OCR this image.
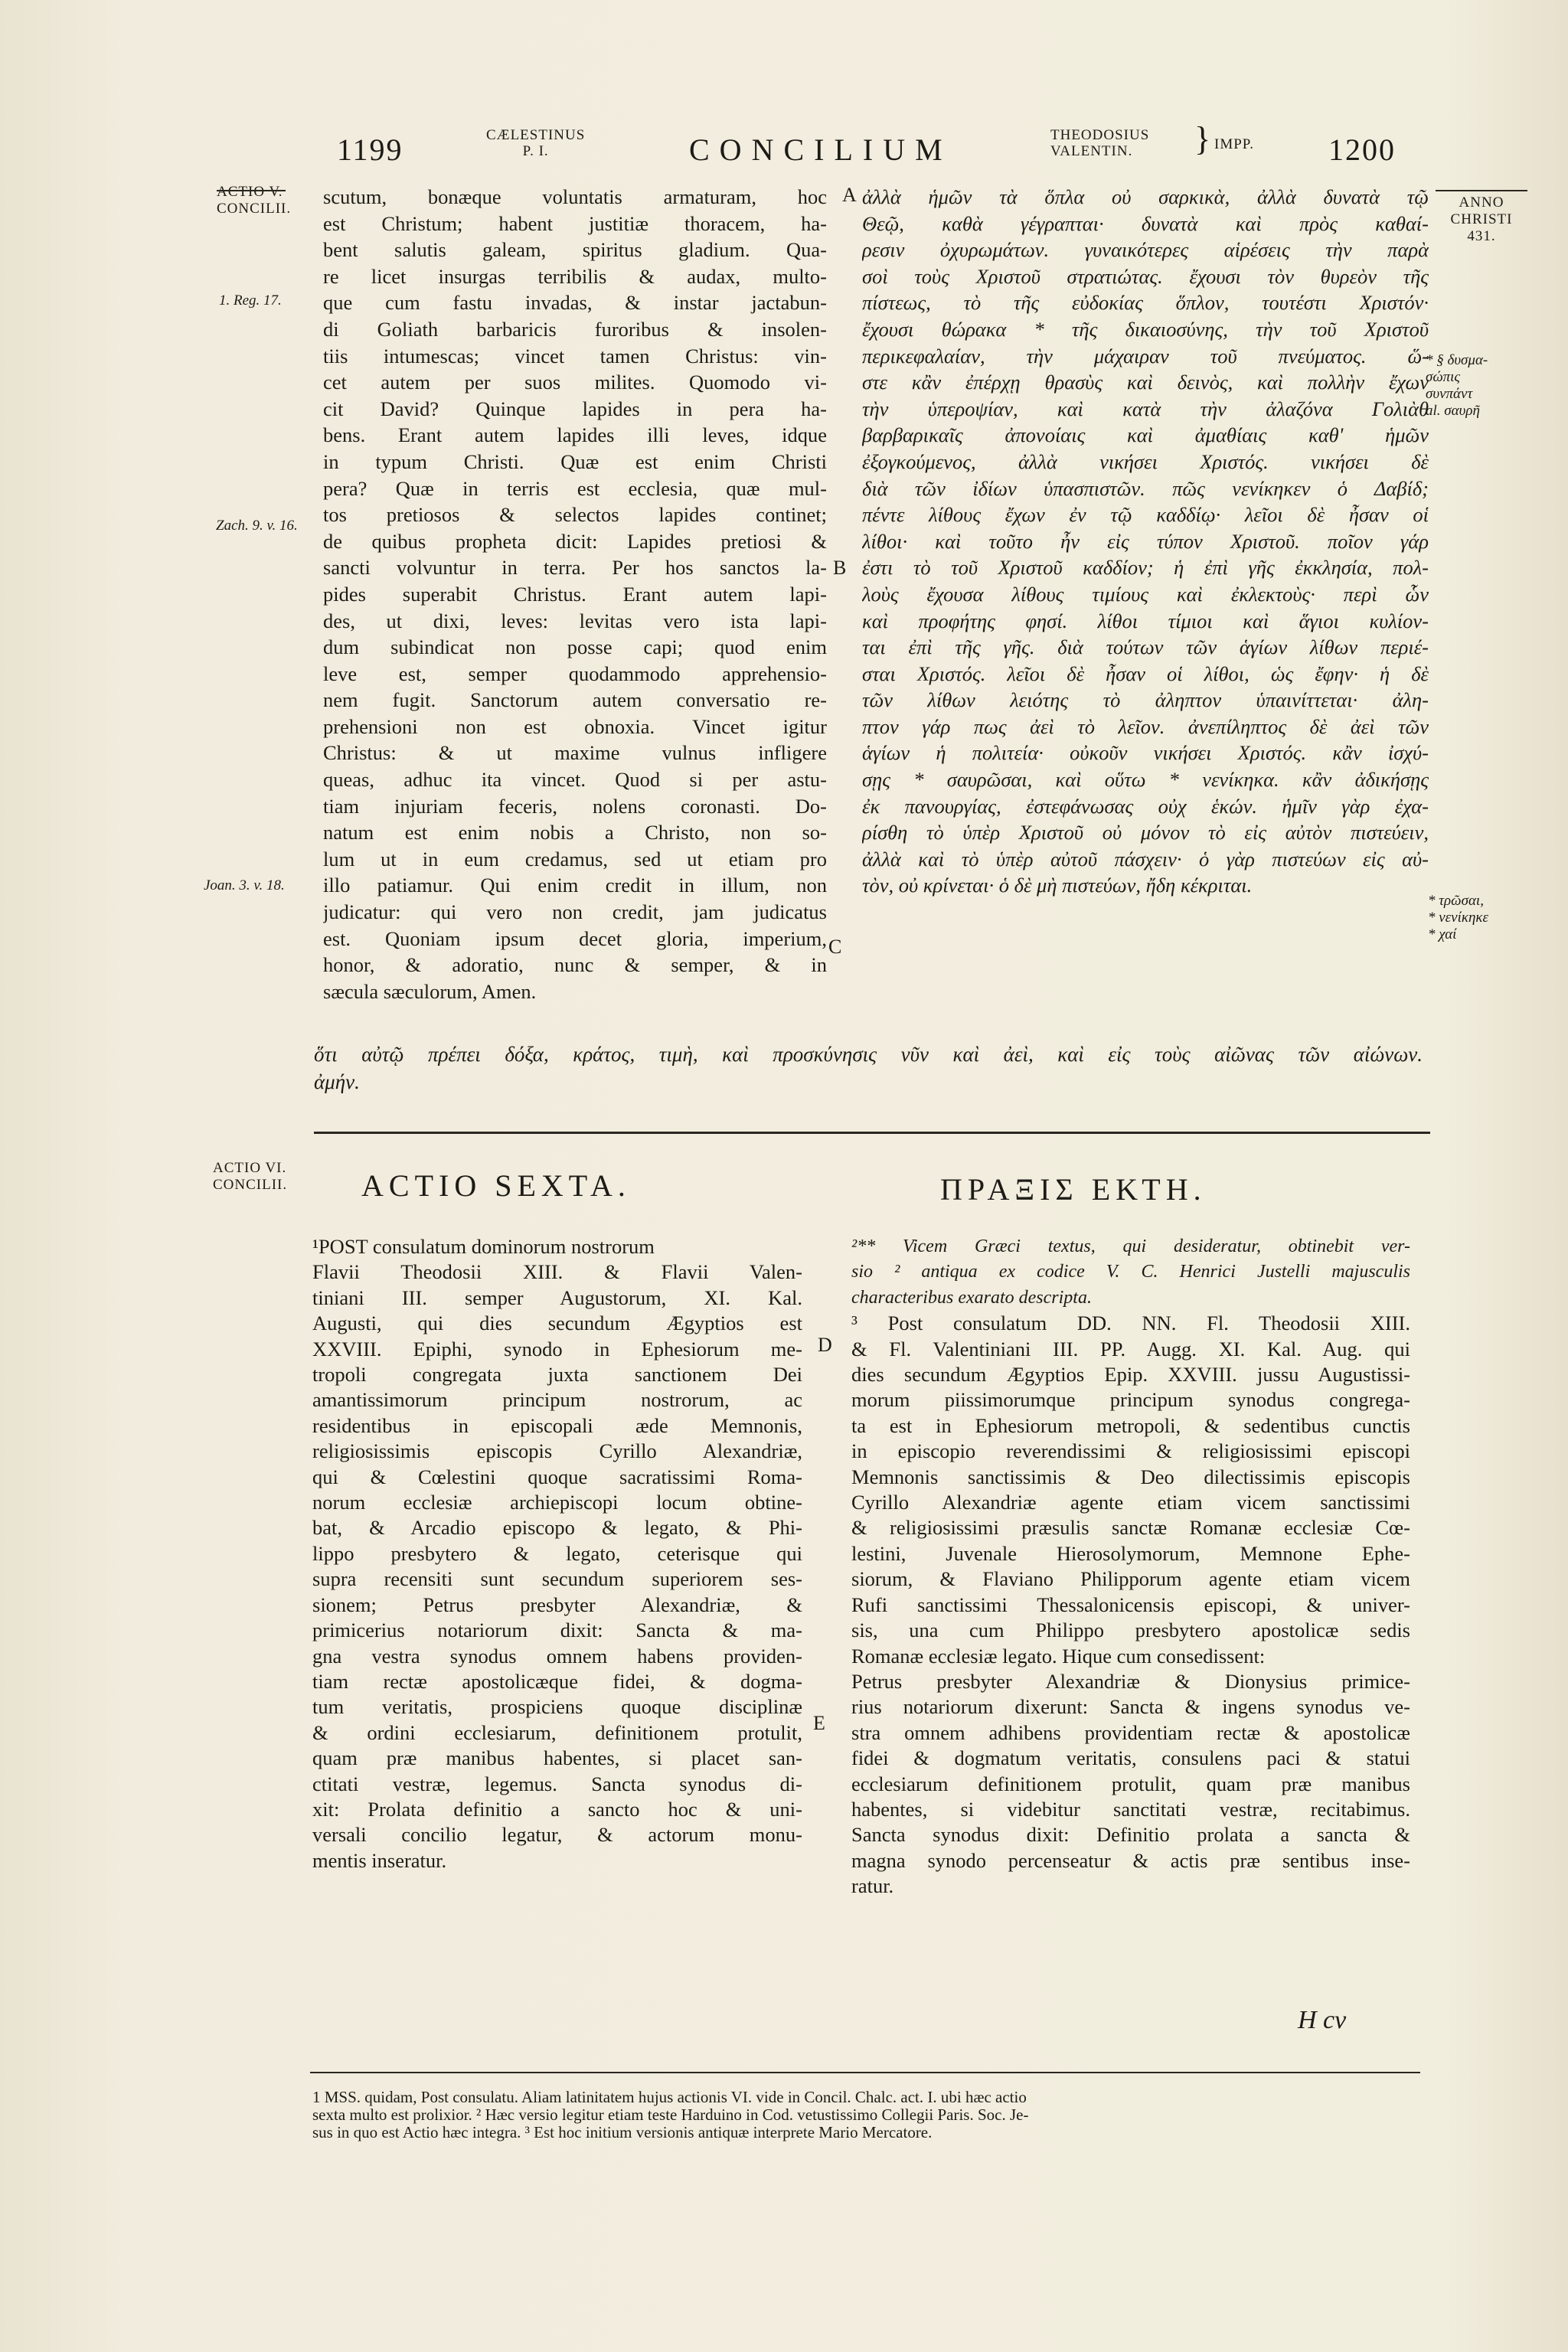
1199	CÆLESTINUS
P. I.	CONCILIUM	THEODOSIUS
VALENTIN.	} IMPP. 1200
ACTIO V.
CONCILII.
1. Reg. 17.
Zach. 9. v. 16.
Joan. 3. v. 18.
ANNO
CHRISTI
431.
* § δυσμα-
σώπις
συνπάντ
al. σαυρῆ
* τρῶσαι,
* νενίκηκε
* χαί
scutum, bonæque voluntatis armaturam, hoc
est Christum; habent justitiæ thoracem, ha-
bent salutis galeam, spiritus gladium. Qua-
re licet insurgas terribilis & audax, multo-
que cum fastu invadas, & instar jactabun-
di Goliath barbaricis furoribus & insolen-
tiis intumescas; vincet tamen Christus: vin-
cet autem per suos milites. Quomodo vi-
cit David? Quinque lapides in pera ha-
bens. Erant autem lapides illi leves, idque
in typum Christi. Quæ est enim Christi
pera? Quæ in terris est ecclesia, quæ mul-
tos pretiosos & selectos lapides continet;
de quibus propheta dicit: Lapides pretiosi &
sancti volvuntur in terra. Per hos sanctos la-
pides superabit Christus. Erant autem lapi-
des, ut dixi, leves: levitas vero ista lapi-
dum subindicat non posse capi; quod enim
leve est, semper quodammodo apprehensio-
nem fugit. Sanctorum autem conversatio re-
prehensioni non est obnoxia. Vincet igitur
Christus: & ut maxime vulnus infligere
queas, adhuc ita vincet. Quod si per astu-
tiam injuriam feceris, nolens coronasti. Do-
natum est enim nobis a Christo, non so-
lum ut in eum credamus, sed ut etiam pro
illo patiamur. Qui enim credit in illum, non
judicatur: qui vero non credit, jam judicatus
est. Quoniam ipsum decet gloria, imperium,
honor, & adoratio, nunc & semper, & in
sæcula sæculorum, Amen.
A
B
C
ἀλλὰ ἡμῶν τὰ ὅπλα οὐ σαρκικὰ, ἀλλὰ δυνατὰ τῷ
Θεῷ, καθὰ γέγραπται· δυνατὰ καὶ πρὸς καθαί-
ρεσιν ὀχυρωμάτων. γυναικότερες αἱρέσεις τὴν παρὰ
σοὶ τοὺς Χριστοῦ στρατιώτας. ἔχουσι τὸν θυρεὸν τῆς
πίστεως, τὸ τῆς εὐδοκίας ὅπλον, τουτέστι Χριστόν·
ἔχουσι θώρακα * τῆς δικαιοσύνης, τὴν τοῦ Χριστοῦ
περικεφαλαίαν, τὴν μάχαιραν τοῦ πνεύματος. ὥ-
στε κἂν ἐπέρχῃ θρασὺς καὶ δεινὸς, καὶ πολλὴν ἔχων
τὴν ὑπεροψίαν, καὶ κατὰ τὴν ἀλαζόνα Γολιὰθ
βαρβαρικαῖς ἀπονοίαις καὶ ἀμαθίαις καθ' ἡμῶν
ἐξογκούμενος, ἀλλὰ νικήσει Χριστός. νικήσει δὲ
διὰ τῶν ἰδίων ὑπασπιστῶν. πῶς νενίκηκεν ὁ Δαβίδ;
πέντε λίθους ἔχων ἐν τῷ καδδίῳ· λεῖοι δὲ ἦσαν οἱ
λίθοι· καὶ τοῦτο ἦν εἰς τύπον Χριστοῦ. ποῖον γάρ
ἐστι τὸ τοῦ Χριστοῦ καδδίον; ἡ ἐπὶ γῆς ἐκκλησία, πολ-
λοὺς ἔχουσα λίθους τιμίους καὶ ἐκλεκτοὺς· περὶ ὧν
καὶ προφήτης φησί. λίθοι τίμιοι καὶ ἅγιοι κυλίον-
ται ἐπὶ τῆς γῆς. διὰ τούτων τῶν ἁγίων λίθων περιέ-
σται Χριστός. λεῖοι δὲ ἦσαν οἱ λίθοι, ὡς ἔφην· ἡ δὲ
τῶν λίθων λειότης τὸ ἀληπτον ὑπαινίττεται· ἀλη-
πτον γάρ πως ἀεὶ τὸ λεῖον. ἀνεπίληπτος δὲ ἀεὶ τῶν
ἁγίων ἡ πολιτεία· οὐκοῦν νικήσει Χριστός. κἂν ἰσχύ-
σῃς * σαυρῶσαι, καὶ οὕτω * νενίκηκα. κἂν ἀδικήσῃς
ἐκ πανουργίας, ἐστεφάνωσας οὐχ ἑκών. ἡμῖν γὰρ ἐχα-
ρίσθη τὸ ὑπὲρ Χριστοῦ οὐ μόνον τὸ εἰς αὐτὸν πιστεύειν,
ἀλλὰ καὶ τὸ ὑπὲρ αὐτοῦ πάσχειν· ὁ γὰρ πιστεύων εἰς αὐ-
τὸν, οὐ κρίνεται· ὁ δὲ μὴ πιστεύων, ἤδη κέκριται.
ὅτι αὐτῷ πρέπει δόξα, κράτος, τιμὴ, καὶ προσκύνησις νῦν καὶ ἀεὶ, καὶ εἰς τοὺς αἰῶνας τῶν αἰώνων.
ἀμήν.
ACTIO VI.
CONCILII. ACTIO SEXTA.	ΠΡΑΞΙΣ ΕΚΤΗ.
¹POST consulatum dominorum nostrorum
Flavii Theodosii XIII. & Flavii Valen-
tiniani III. semper Augustorum, XI. Kal.
Augusti, qui dies secundum Ægyptios est
XXVIII. Epiphi, synodo in Ephesiorum me-
tropoli congregata juxta sanctionem Dei
amantissimorum principum nostrorum, ac
residentibus in episcopali æde Memnonis,
religiosissimis episcopis Cyrillo Alexandriæ,
qui & Cœlestini quoque sacratissimi Roma-
norum ecclesiæ archiepiscopi locum obtine-
bat, & Arcadio episcopo & legato, & Phi-
lippo presbytero & legato, ceterisque qui
supra recensiti sunt secundum superiorem ses-
sionem; Petrus presbyter Alexandriæ, &
primicerius notariorum dixit: Sancta & ma-
gna vestra synodus omnem habens providen-
tiam rectæ apostolicæque fidei, & dogma-
tum veritatis, prospiciens quoque disciplinæ
& ordini ecclesiarum, definitionem protulit,
quam præ manibus habentes, si placet san-
ctitati vestræ, legemus. Sancta synodus di-
xit: Prolata definitio a sancto hoc & uni-
versali concilio legatur, & actorum monu-
mentis inseratur.
D
E
²** Vicem Græci textus, qui desideratur, obtinebit ver-
sio ² antiqua ex codice V. C. Henrici Justelli majusculis
characteribus exarato descripta.
³ Post consulatum DD. NN. Fl. Theodosii XIII.
& Fl. Valentiniani III. PP. Augg. XI. Kal. Aug. qui
dies secundum Ægyptios Epip. XXVIII. jussu Augustissi-
morum piissimorumque principum synodus congrega-
ta est in Ephesiorum metropoli, & sedentibus cunctis
in episcopio reverendissimi & religiosissimi episcopi
Memnonis sanctissimis & Deo dilectissimis episcopis
Cyrillo Alexandriæ agente etiam vicem sanctissimi
& religiosissimi præsulis sanctæ Romanæ ecclesiæ Cœ-
lestini, Juvenale Hierosolymorum, Memnone Ephe-
siorum, & Flaviano Philipporum agente etiam vicem
Rufi sanctissimi Thessalonicensis episcopi, & univer-
sis, una cum Philippo presbytero apostolicæ sedis
Romanæ ecclesiæ legato. Hique cum consedissent:
Petrus presbyter Alexandriæ & Dionysius primice-
rius notariorum dixerunt: Sancta & ingens synodus ve-
stra omnem adhibens providentiam rectæ & apostolicæ
fidei & dogmatum veritatis, consulens paci & statui
ecclesiarum definitionem protulit, quam præ manibus
habentes, si videbitur sanctitati vestræ, recitabimus.
Sancta synodus dixit: Definitio prolata a sancta &
magna synodo percenseatur & actis præ sentibus inse-
ratur.
H cv
1 MSS. quidam, Post consulatu. Aliam latinitatem hujus actionis VI. vide in Concil. Chalc. act. I. ubi hæc actio
sexta multo est prolixior. ² Hæc versio legitur etiam teste Harduino in Cod. vetustissimo Collegii Paris. Soc. Je-
sus in quo est Actio hæc integra. ³ Est hoc initium versionis antiquæ interprete Mario Mercatore.
